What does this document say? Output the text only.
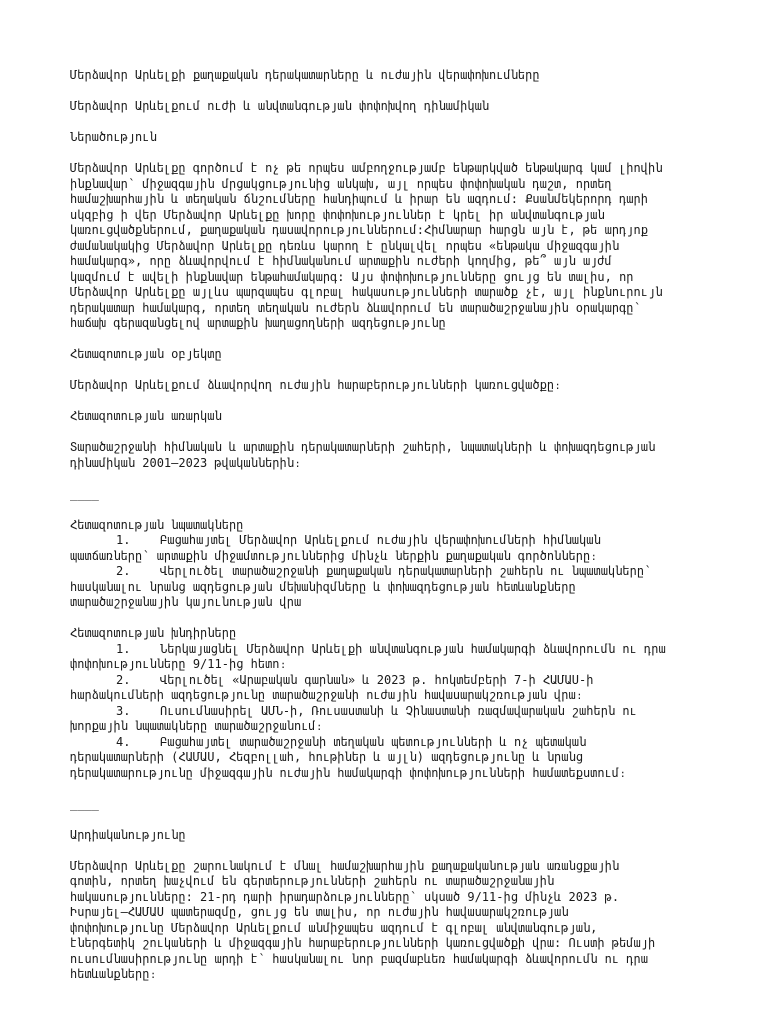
Մերձավոր Արևելքի քաղաքական դերակատարները և ուժային վերափոխումները
Մերձավոր Արևելքում ուժի և անվտանգության փոփոխվող դինամիկան
Ներածություն
Մերձավոր Արևելքը գործում է ոչ թե որպես ամբողջությամբ ենթարկված ենթակարգ կամ լիովին
ինքնավար՝ միջազգային մրցակցությունից անկախ, այլ որպես փոփոխական դաշտ, որտեղ
համաշխարհային և տեղական ճնշումները հանդիպում և իրար են ազդում: Քսանմեկերորդ դարի
սկզբից ի վեր Մերձավոր Արևելքը խորը փոփոխություններ է կրել իր անվտանգության
կառուցվածքներում, քաղաքական դասավորություններում:Հիմնարար հարցն այն է, թե արդյոք
ժամանակակից Մերձավոր Արևելքը դեռևս կարող է ընկալվել որպես «ենթակա միջազգային
համակարգ», որը ձևավորվում է հիմնականում արտաքին ուժերի կողմից, թե՞ այն այժմ
կազմում է ավելի ինքնավար ենթահամակարգ: Այս փոփոխությունները ցույց են տալիս, որ
Մերձավոր Արևելքը այլևս պարզապես գլոբալ հակասությունների տարածք չէ, այլ ինքնուրույն
դերակատար համակարգ, որտեղ տեղական ուժերն ձևավորում են տարածաշրջանային օրակարգը՝
հաճախ գերազանցելով արտաքին խաղացողների ազդեցությունը
Հետազոտության օբյեկտը
Մերձավոր Արևելքում ձևավորվող ուժային հարաբերությունների կառուցվածքը։
Հետազոտության առարկան
Տարածաշրջանի հիմնական և արտաքին դերակատարների շահերի, նպատակների և փոխազդեցության
դինամիկան 2001–2023 թվականներին։
____
Հետազոտության նպատակները
1. Բացահայտել Մերձավոր Արևելքում ուժային վերափոխումների հիմնական
պատճառները՝ արտաքին միջամտություններից մինչև ներքին քաղաքական գործոնները։
2. Վերլուծել տարածաշրջանի քաղաքական դերակատարների շահերն ու նպատակները՝
հասկանալու նրանց ազդեցության մեխանիզմները և փոխազդեցության հետևանքները
տարածաշրջանային կայունության վրա
Հետազոտության խնդիրները
1. Ներկայացնել Մերձավոր Արևելքի անվտանգության համակարգի ձևավորումն ու դրա
փոփոխությունները 9/11-ից հետո։
2. Վերլուծել «Արաբական գարնան» և 2023 թ. հոկտեմբերի 7-ի ՀԱՄԱՍ-ի
հարձակումների ազդեցությունը տարածաշրջանի ուժային հավասարակշռության վրա։
3. Ուսումնասիրել ԱՄՆ-ի, Ռուսաստանի և Չինաստանի ռազմավարական շահերն ու
խորքային նպատակները տարածաշրջանում։
4. Բացահայտել տարածաշրջանի տեղական պետությունների և ոչ պետական
դերակատարների (ՀԱՄԱՍ, Հեզբոլլահ, հութիներ և այլն) ազդեցությունը և նրանց
դերակատարությունը միջազգային ուժային համակարգի փոփոխությունների համատեքստում։
____
Արդիականությունը
Մերձավոր Արևելքը շարունակում է մնալ համաշխարհային քաղաքականության առանցքային
գոտին, որտեղ խաչվում են գերտերությունների շահերն ու տարածաշրջանային
հակասությունները: 21-րդ դարի իրադարձությունները՝ սկսած 9/11-ից մինչև 2023 թ.
Իսրայել–ՀԱՄԱՍ պատերազմը, ցույց են տալիս, որ ուժային հավասարակշռության
փոփոխությունը Մերձավոր Արևելքում անմիջապես ազդում է գլոբալ անվտանգության,
էներգետիկ շուկաների և միջազգային հարաբերությունների կառուցվածքի վրա: Ուստի թեմայի
ուսումնասիրությունը արդի է՝ հասկանալու նոր բազմաբևեռ համակարգի ձևավորումն ու դրա
հետևանքները։
